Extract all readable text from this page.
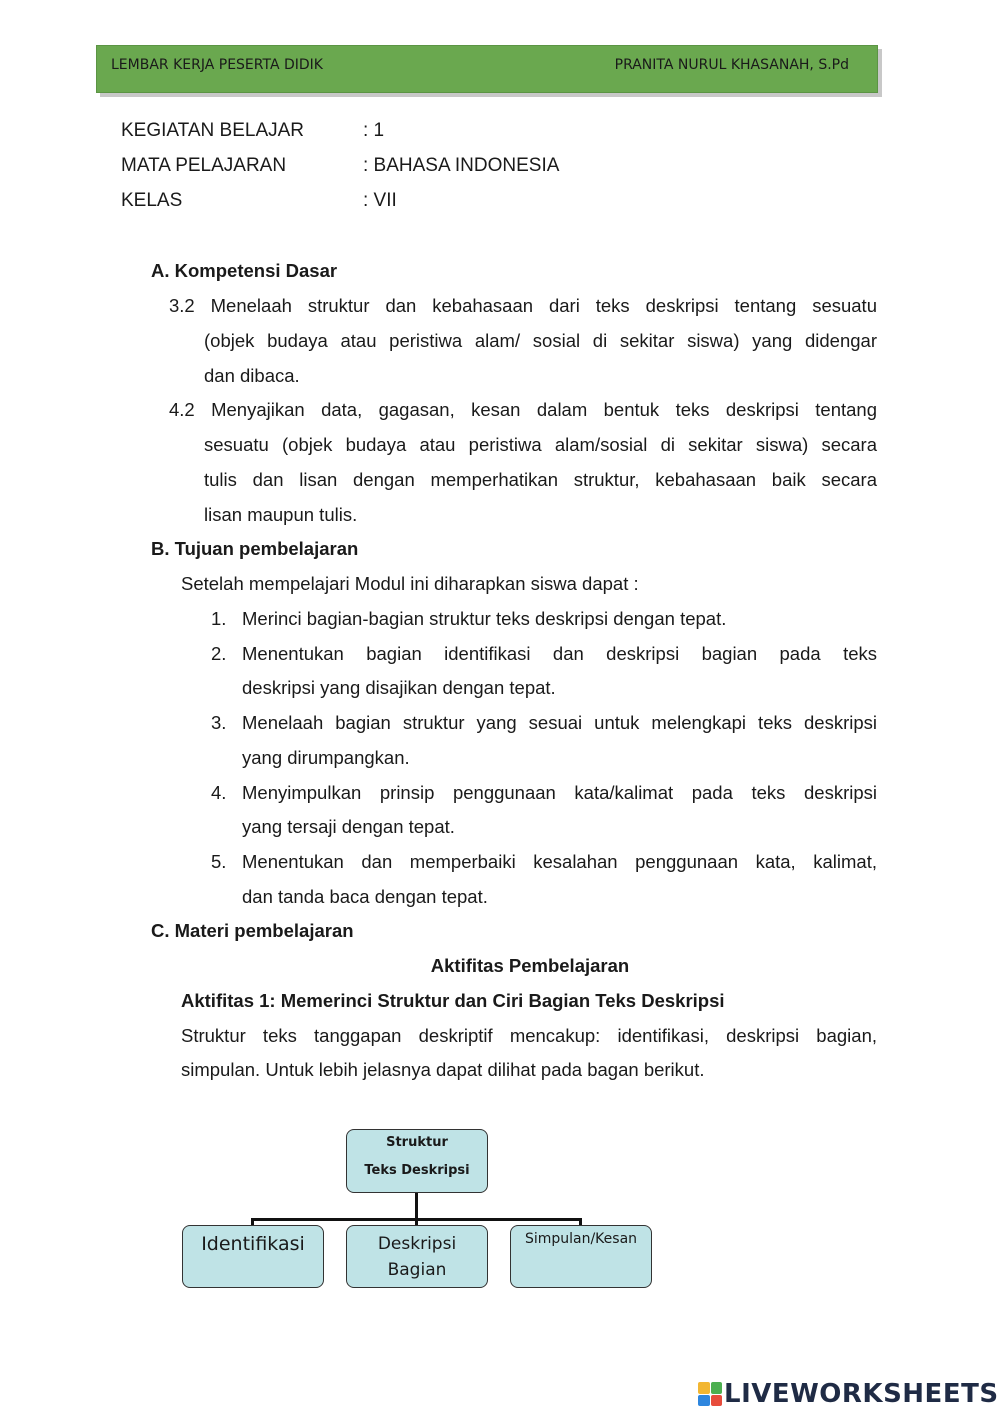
LEMBAR KERJA PESERTA DIDIK	PRANITA NURUL KHASANAH, S.Pd
KEGIATAN BELAJAR	: 1
MATA PELAJARAN	: BAHASA INDONESIA
KELAS	: VII
A. Kompetensi Dasar
3.2 Menelaah struktur dan kebahasaan dari teks deskripsi tentang sesuatu
(objek budaya atau peristiwa alam/ sosial di sekitar siswa) yang didengar
dan dibaca.
4.2 Menyajikan data, gagasan, kesan dalam bentuk teks deskripsi tentang
sesuatu (objek budaya atau peristiwa alam/sosial di sekitar siswa) secara
tulis dan lisan dengan memperhatikan struktur, kebahasaan baik secara
lisan maupun tulis.
B. Tujuan pembelajaran
Setelah mempelajari Modul ini diharapkan siswa dapat :
1. Merinci bagian-bagian struktur teks deskripsi dengan tepat.
2. Menentukan bagian identifikasi dan deskripsi bagian pada teks
deskripsi yang disajikan dengan tepat.
3. Menelaah bagian struktur yang sesuai untuk melengkapi teks deskripsi
yang dirumpangkan.
4. Menyimpulkan prinsip penggunaan kata/kalimat pada teks deskripsi
yang tersaji dengan tepat.
5. Menentukan dan memperbaiki kesalahan penggunaan kata, kalimat,
dan tanda baca dengan tepat.
C. Materi pembelajaran
Aktifitas Pembelajaran
Aktifitas 1: Memerinci Struktur dan Ciri Bagian Teks Deskripsi
Struktur teks tanggapan deskriptif mencakup: identifikasi, deskripsi bagian,
simpulan. Untuk lebih jelasnya dapat dilihat pada bagan berikut.
Struktur
Teks Deskripsi
Identifikasi	Deskripsi
Bagian
Simpulan/Kesan
LIVEWORKSHEETS
